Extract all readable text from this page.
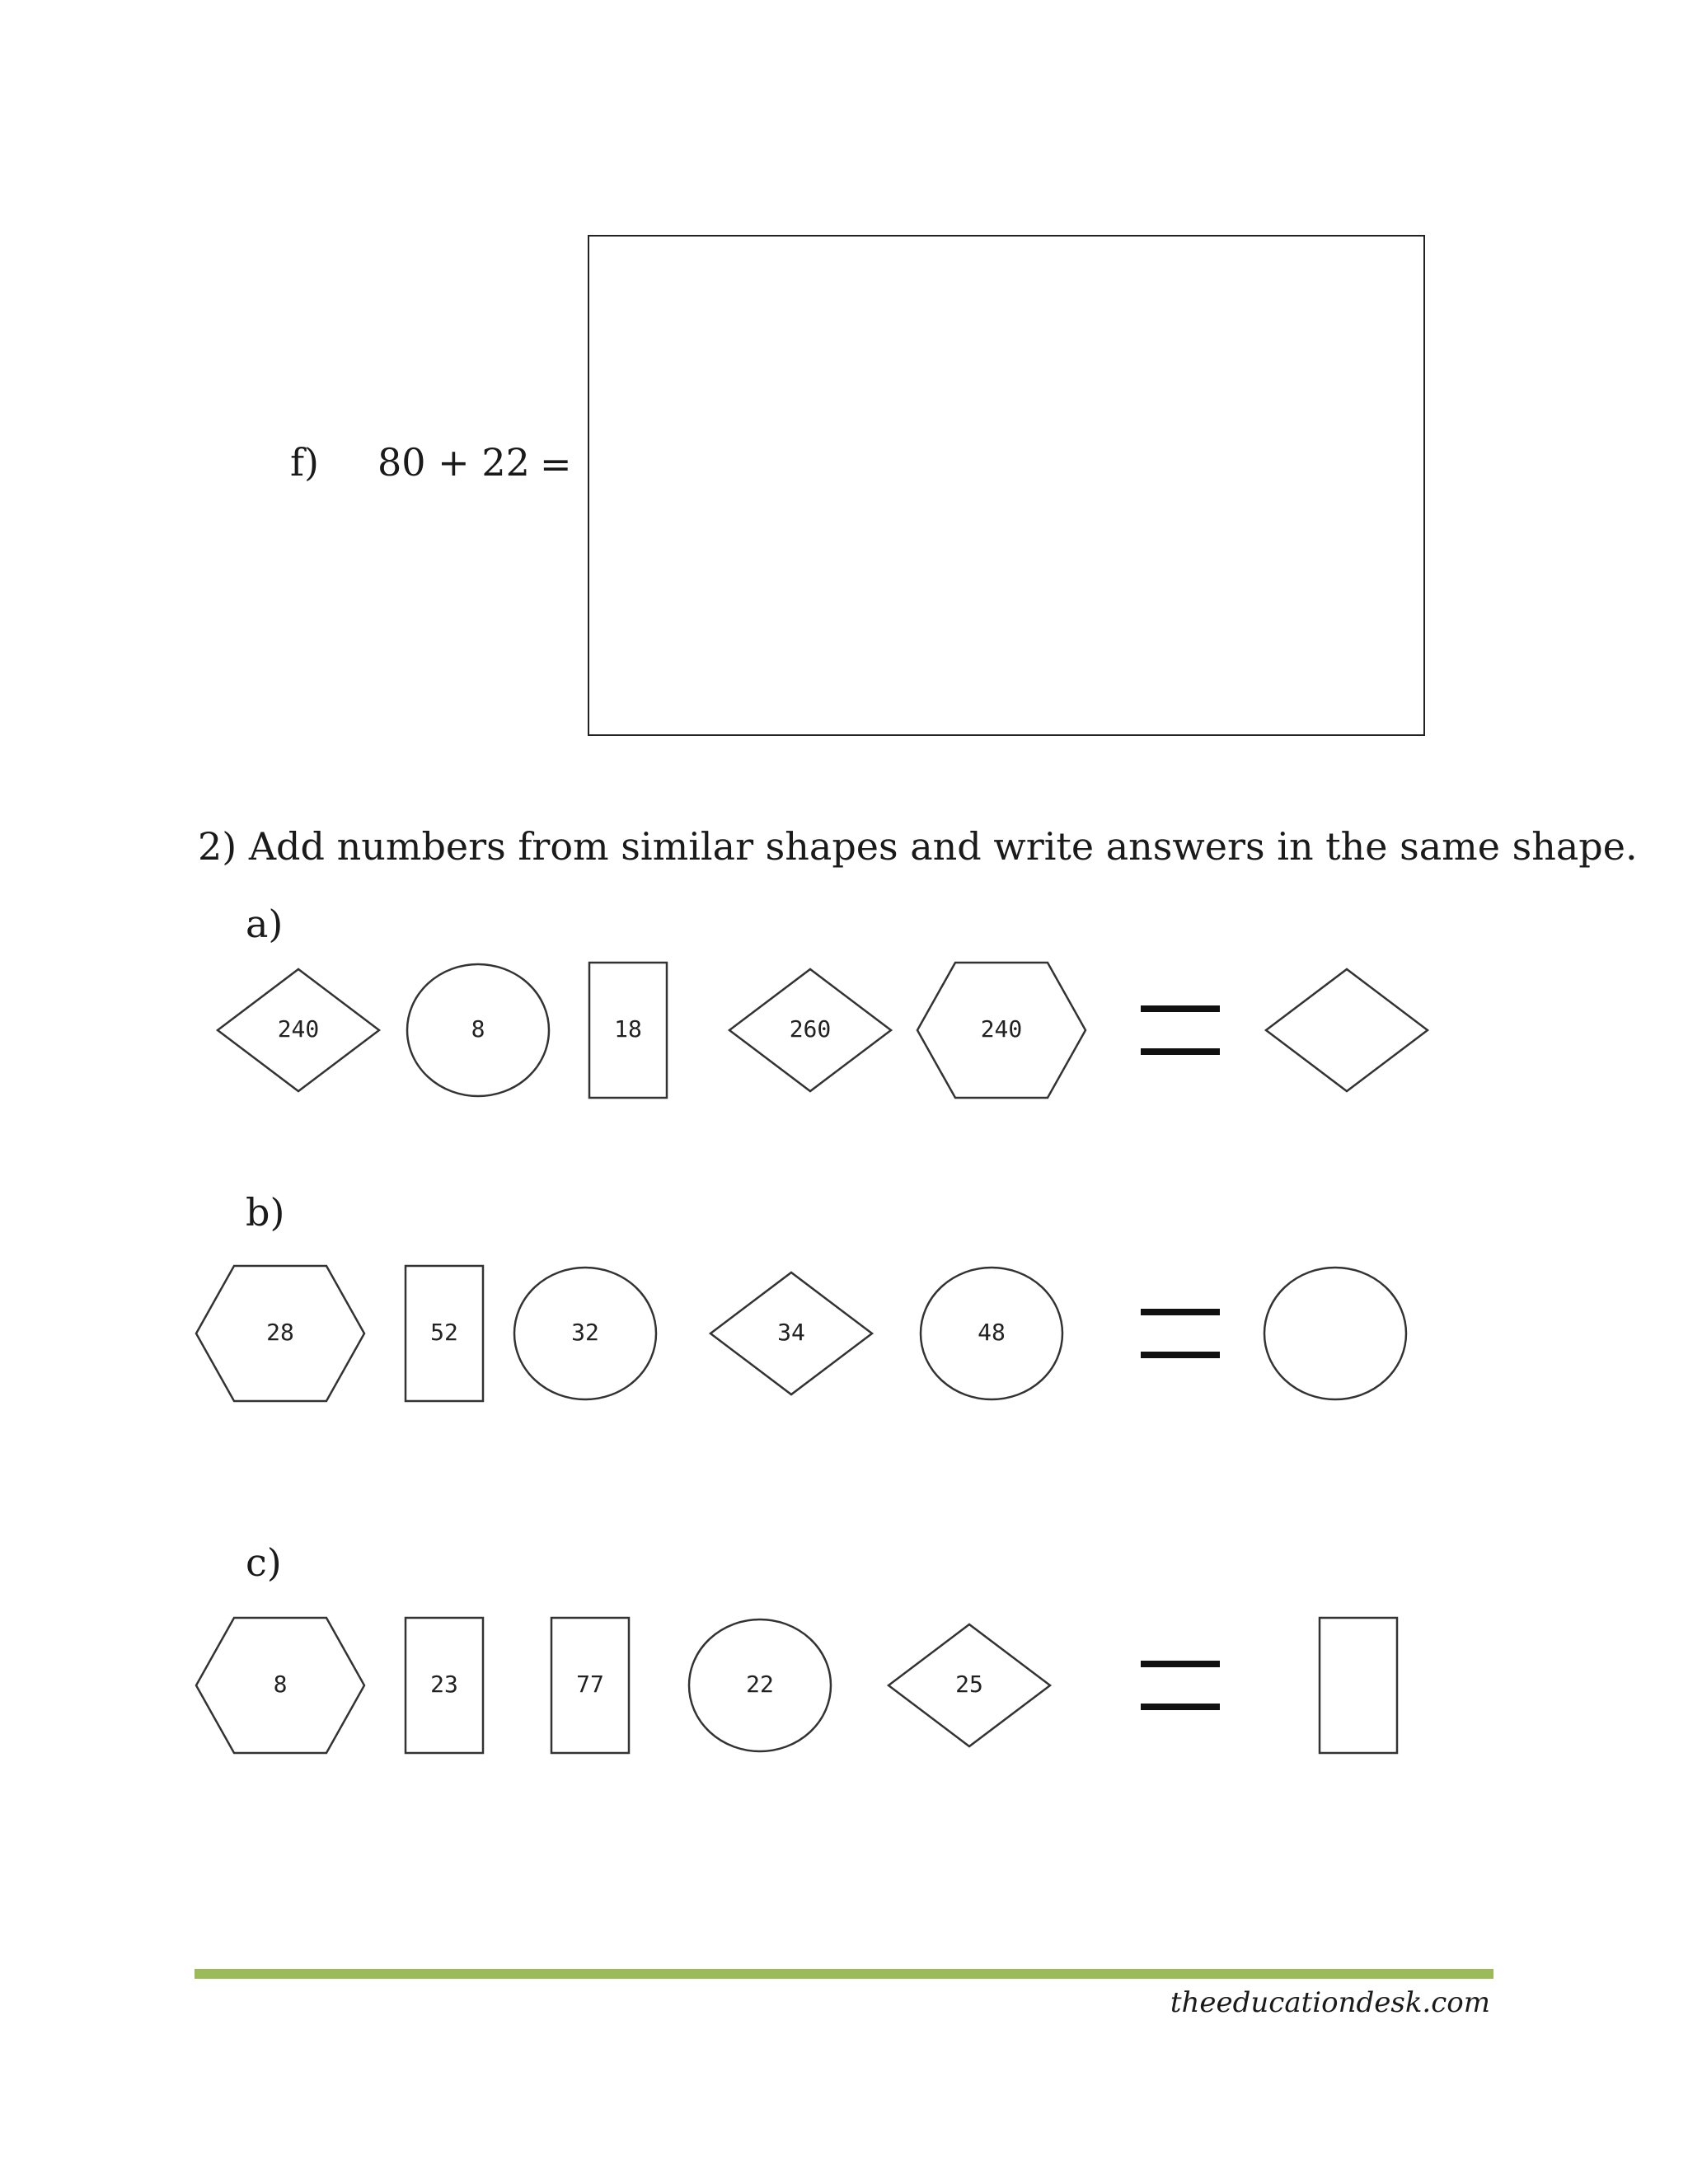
f) 80 + 22 =
2) Add numbers from similar shapes and write answers in the same shape.
a)
b)
c)
240	8	18	260	240
28	52	32	34	48
8	23	77	22	25
theeducationdesk.com
